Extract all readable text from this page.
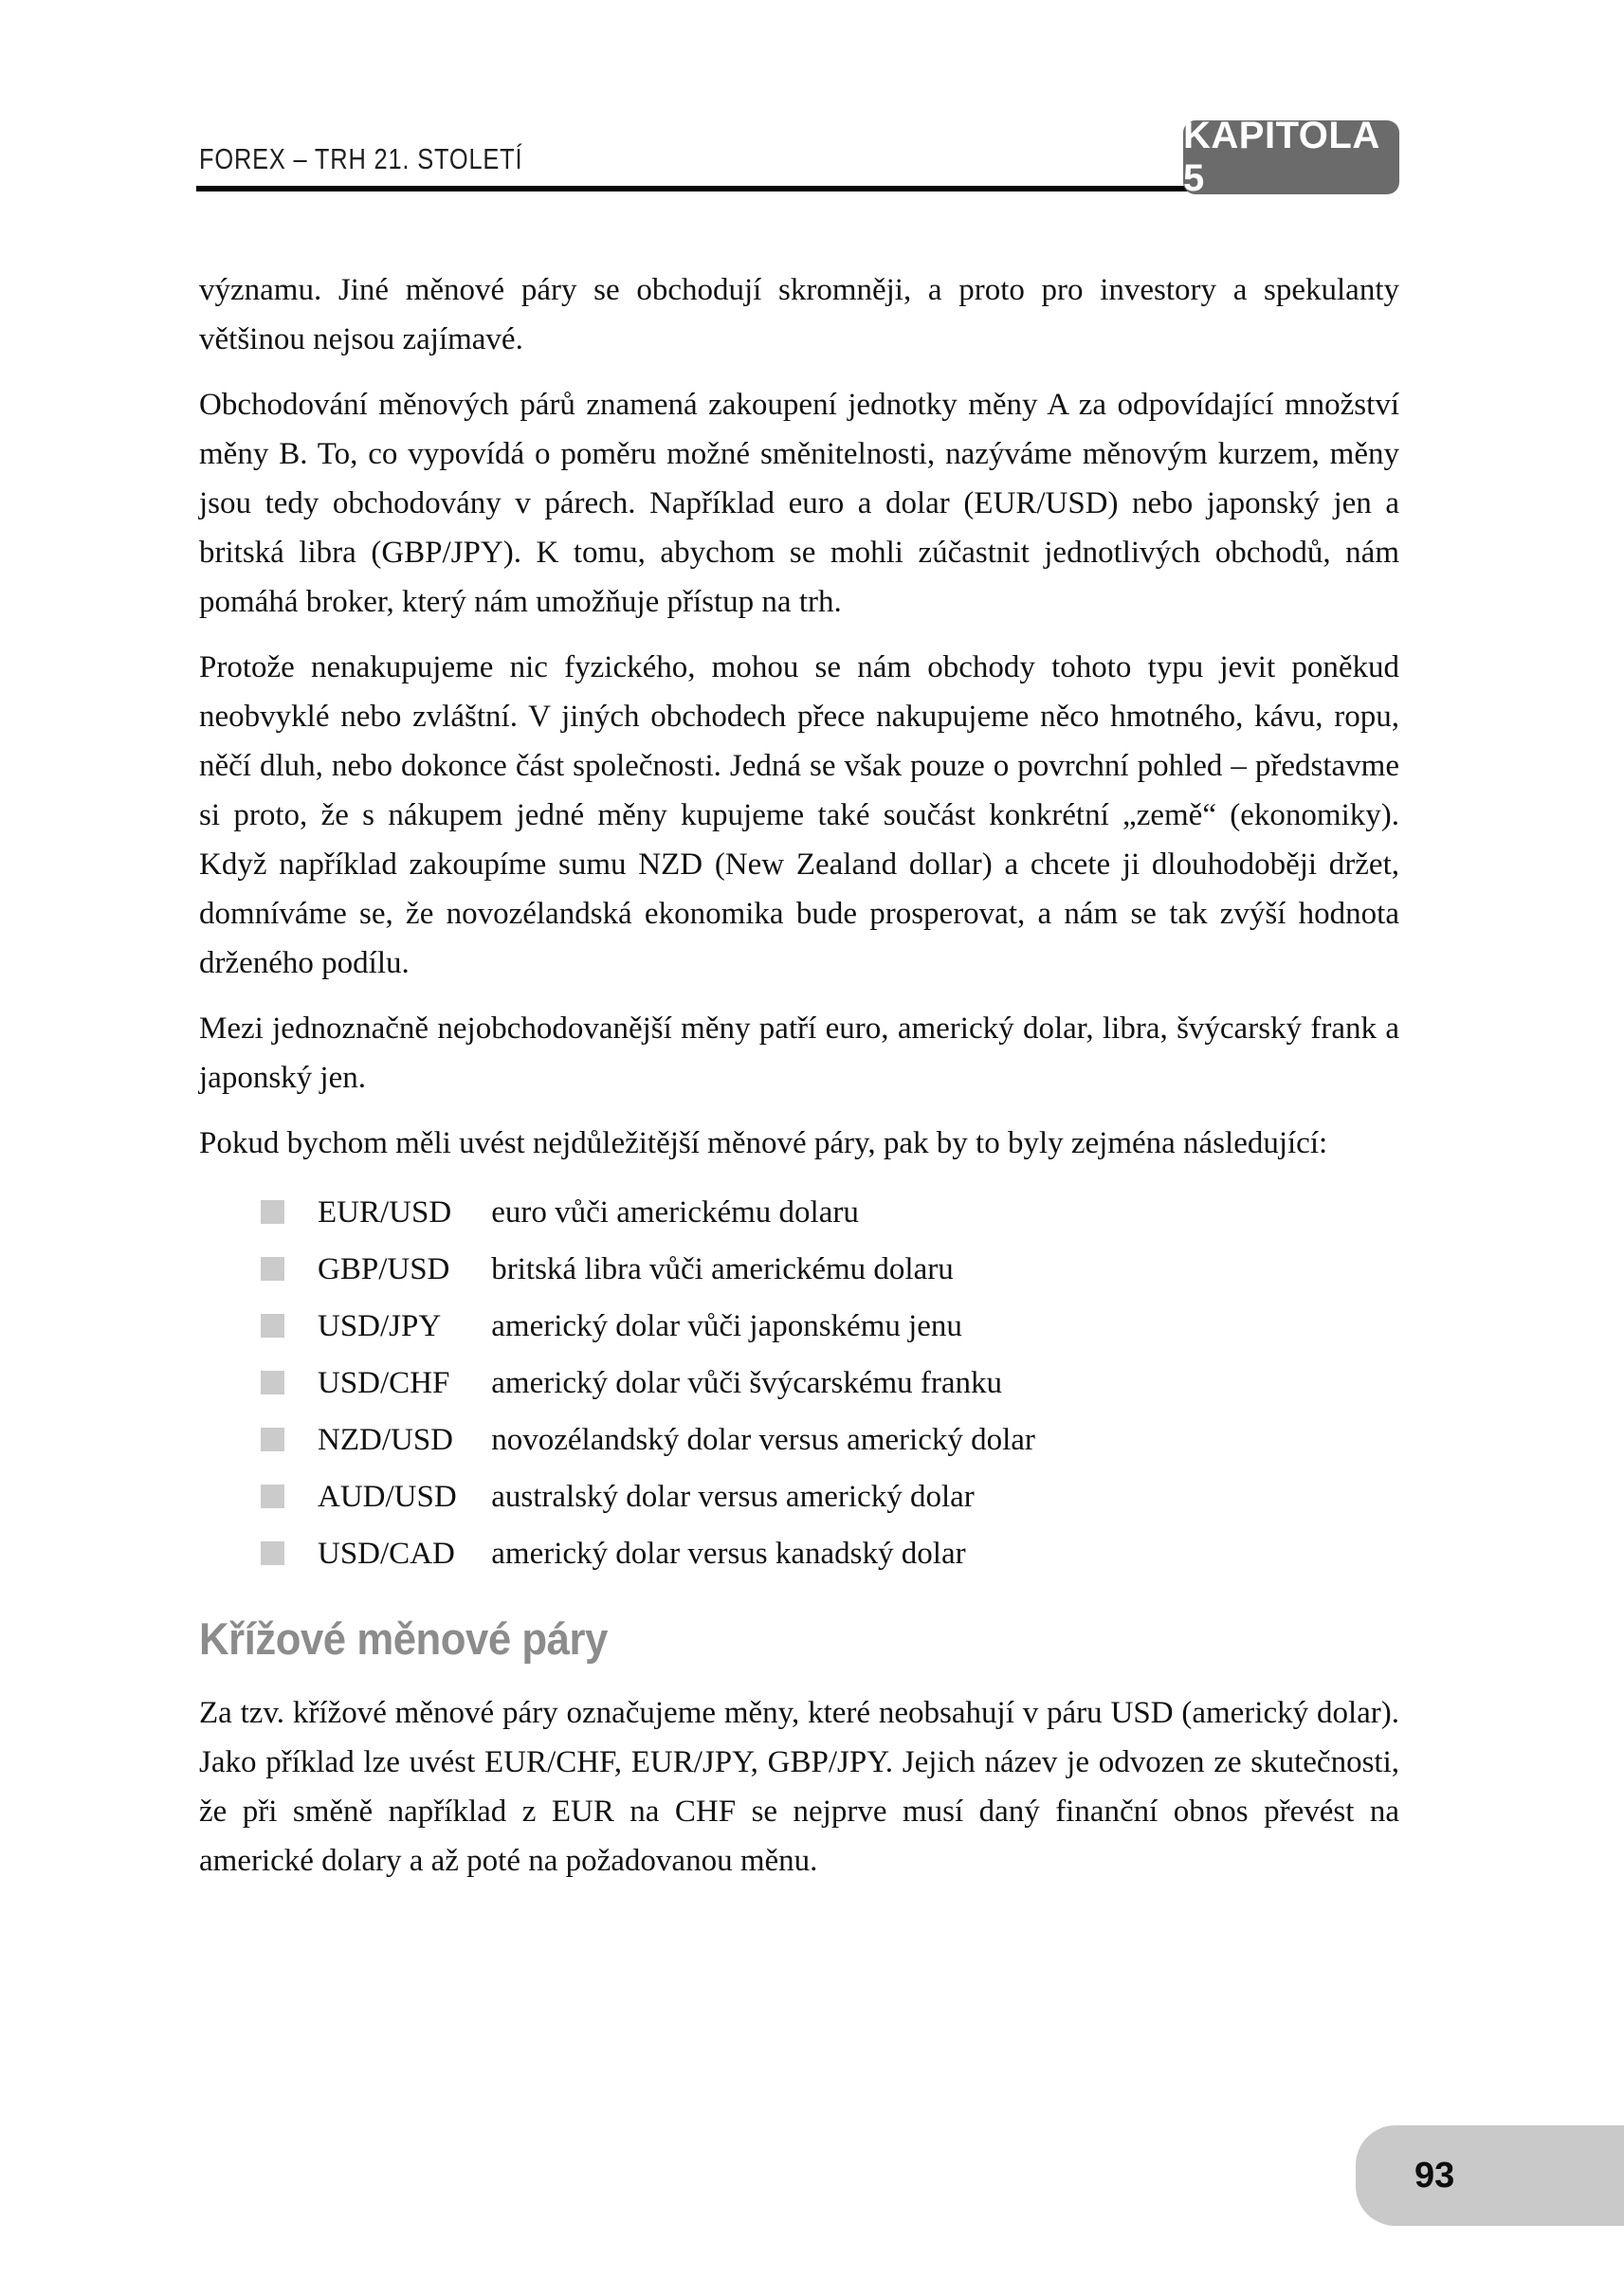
FOREX – TRH 21. STOLETÍ
KAPITOLA 5

významu. Jiné měnové páry se obchodují skromněji, a proto pro investory a spekulanty většinou nejsou zajímavé.

Obchodování měnových párů znamená zakoupení jednotky měny A za odpovídající množství měny B. To, co vypovídá o poměru možné směnitelnosti, nazýváme měnovým kurzem, měny jsou tedy obchodovány v párech. Například euro a dolar (EUR/USD) nebo japonský jen a britská libra (GBP/JPY). K tomu, abychom se mohli zúčastnit jednotlivých obchodů, nám pomáhá broker, který nám umožňuje přístup na trh.

Protože nenakupujeme nic fyzického, mohou se nám obchody tohoto typu jevit poněkud neobvyklé nebo zvláštní. V jiných obchodech přece nakupujeme něco hmotného, kávu, ropu, něčí dluh, nebo dokonce část společnosti. Jedná se však pouze o povrchní pohled – představme si proto, že s nákupem jedné měny kupujeme také součást konkrétní „země“ (ekonomiky). Když například zakoupíme sumu NZD (New Zealand dollar) a chcete ji dlouhodoběji držet, domníváme se, že novozélandská ekonomika bude prosperovat, a nám se tak zvýší hodnota drženého podílu.

Mezi jednoznačně nejobchodovanější měny patří euro, americký dolar, libra, švýcarský frank a japonský jen.

Pokud bychom měli uvést nejdůležitější měnové páry, pak by to byly zejména následující:

EUR/USD euro vůči americkému dolaru
GBP/USD britská libra vůči americkému dolaru
USD/JPY americký dolar vůči japonskému jenu
USD/CHF americký dolar vůči švýcarskému franku
NZD/USD novozélandský dolar versus americký dolar
AUD/USD australský dolar versus americký dolar
USD/CAD americký dolar versus kanadský dolar
Křížové měnové páry

Za tzv. křížové měnové páry označujeme měny, které neobsahují v páru USD (americký dolar). Jako příklad lze uvést EUR/CHF, EUR/JPY, GBP/JPY. Jejich název je odvozen ze skutečnosti, že při směně například z EUR na CHF se nejprve musí daný finanční obnos převést na americké dolary a až poté na požadovanou měnu.

93
